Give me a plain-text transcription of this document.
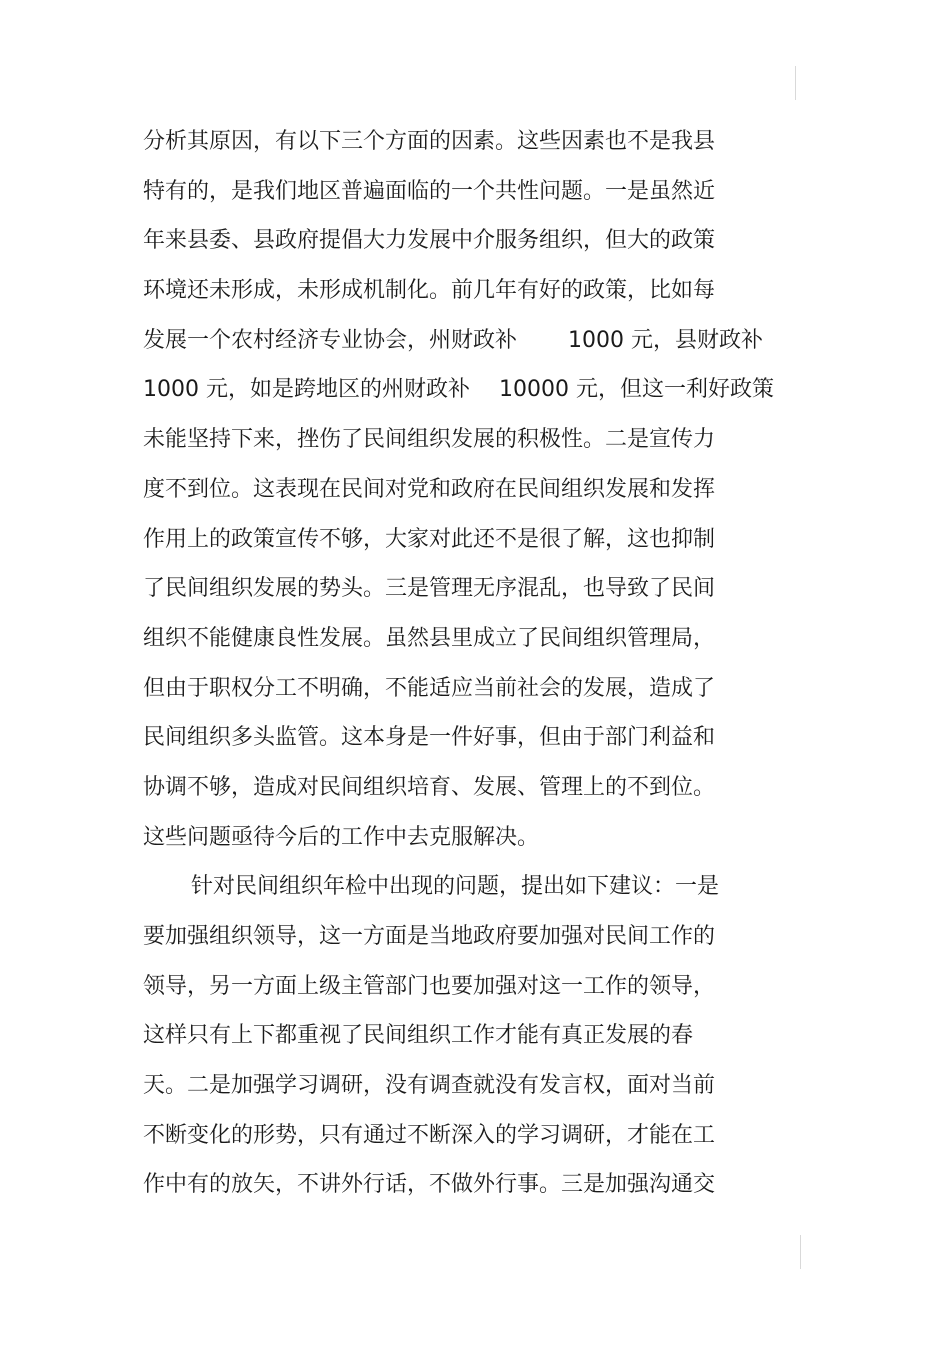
分析其原因，有以下三个方面的因素。这些因素也不是我县
特有的，是我们地区普遍面临的一个共性问题。一是虽然近
年来县委、县政府提倡大力发展中介服务组织，但大的政策
环境还未形成，未形成机制化。前几年有好的政策，比如每
发展一个农村经济专业协会，州财政补　　 1000 元，县财政补
1000 元，如是跨地区的州财政补　 10000 元，但这一利好政策
未能坚持下来，挫伤了民间组织发展的积极性。二是宣传力
度不到位。这表现在民间对党和政府在民间组织发展和发挥
作用上的政策宣传不够，大家对此还不是很了解，这也抑制
了民间组织发展的势头。三是管理无序混乱，也导致了民间
组织不能健康良性发展。虽然县里成立了民间组织管理局，
但由于职权分工不明确，不能适应当前社会的发展，造成了
民间组织多头监管。这本身是一件好事，但由于部门利益和
协调不够，造成对民间组织培育、发展、管理上的不到位。
这些问题亟待今后的工作中去克服解决。
针对民间组织年检中出现的问题，提出如下建议：一是
要加强组织领导，这一方面是当地政府要加强对民间工作的
领导，另一方面上级主管部门也要加强对这一工作的领导，
这样只有上下都重视了民间组织工作才能有真正发展的春
天。二是加强学习调研，没有调查就没有发言权，面对当前
不断变化的形势，只有通过不断深入的学习调研，才能在工
作中有的放矢，不讲外行话，不做外行事。三是加强沟通交
